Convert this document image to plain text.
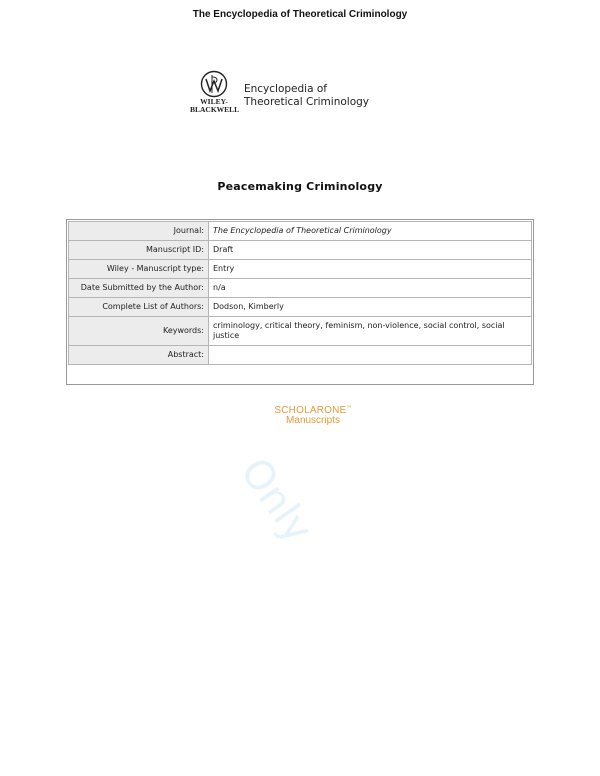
The Encyclopedia of Theoretical Criminology
WILEY-
BLACKWELL
Encyclopedia of
Theoretical Criminology
Peacemaking Criminology
Journal:	The Encyclopedia of Theoretical Criminology
Manuscript ID:	Draft
Wiley - Manuscript type:	Entry
Date Submitted by the Author:	n/a
Complete List of Authors:	Dodson, Kimberly
Keywords:	criminology, critical theory, feminism, non-violence, social control, social justice
Abstract:	
SCHOLARONE™
Manuscripts
Only
